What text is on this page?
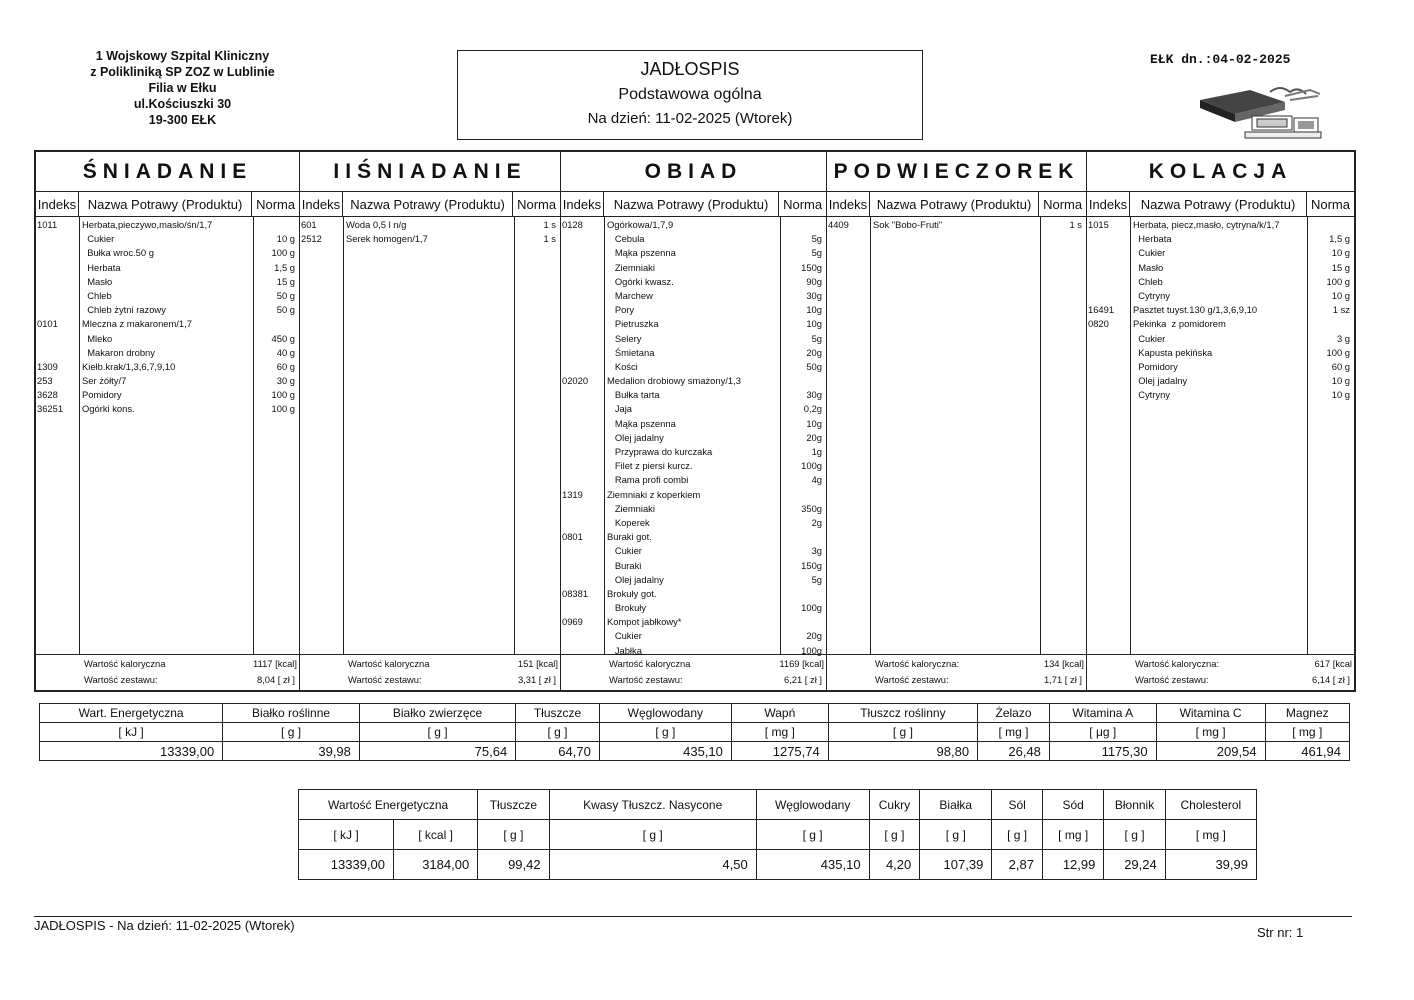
1 Wojskowy Szpital Kliniczny
z Polikliniką SP ZOZ w Lublinie
Filia w Ełku
ul.Kościuszki 30
19-300 EŁK
JADŁOSPIS
Podstawowa ogólna
Na dzień: 11-02-2025 (Wtorek)
EŁK dn.:04-02-2025
ŚNIADANIE
Indeks Nazwa Potrawy (Produktu)	Norma
1011	Herbata,pieczywo,masło/śn/1,7
Cukier	10 g
Bułka wroc.50 g	100 g
Herbata	1,5 g
Masło	15 g
Chleb	50 g
Chleb żytni razowy	50 g
0101	Mleczna z makaronem/1,7
Mleko	450 g
Makaron drobny	40 g
1309	Kiełb.krak/1,3,6,7,9,10	60 g
253	Ser żółty/7	30 g
3628	Pomidory	100 g
36251 Ogórki kons.	100 g
Wartość kaloryczna	1117 [kcal]
Wartość zestawu:	8,04 [ zł ]
IIŚNIADANIE
Indeks Nazwa Potrawy (Produktu) Norma
601	Woda 0,5 l n/g	1 s
2512	Serek homogen/1,7	1 s
Wartość kaloryczna	151 [kcal]
Wartość zestawu:	3,31 [ zł ]
OBIAD
Indeks Nazwa Potrawy (Produktu)	Norma
0128	Ogórkowa/1,7,9
Cebula	5g
Mąka pszenna	5g
Ziemniaki	150g
Ogórki kwasz.	90g
Marchew	30g
Pory	10g
Pietruszka	10g
Selery	5g
Śmietana	20g
Kości	50g
02020 Medalion drobiowy smażony/1,3
Bułka tarta	30g
Jaja	0,2g
Mąka pszenna	10g
Olej jadalny	20g
Przyprawa do kurczaka	1g
Filet z piersi kurcz.	100g
Rama profi combi	4g
1319	Ziemniaki z koperkiem
Ziemniaki	350g
Koperek	2g
0801	Buraki got.
Cukier	3g
Buraki	150g
Olej jadalny	5g
08381 Brokuły got.
Brokuły	100g
0969	Kompot jabłkowy*
Cukier	20g
Jabłka	100g
Wartość kaloryczna	1169 [kcal]
Wartość zestawu:	6,21 [ zł ]
PODWIECZOREK
Indeks Nazwa Potrawy (Produktu) Norma
4409	Sok "Bobo-Fruti"	1 s
Wartość kaloryczna:	134 [kcal]
Wartość zestawu:	1,71 [ zł ]
KOLACJA
Indeks	Nazwa Potrawy (Produktu)	Norma
1015	Herbata, piecz,masło, cytryna/k/1,7
Herbata	1,5 g
Cukier	10 g
Masło	15 g
Chleb	100 g
Cytryny	10 g
16491 Pasztet tuyst.130 g/1,3,6,9,10	1 sz
0820	Pekinka  z pomidorem
Cukier	3 g
Kapusta pekińska	100 g
Pomidory	60 g
Olej jadalny	10 g
Cytryny	10 g
Wartość kaloryczna:	617 [kcal
Wartość zestawu:	6,14 [ zł ]
Wart. Energetyczna	Białko roślinne	Białko zwierzęce	Tłuszcze	Węglowodany	Wapń	Tłuszcz roślinny	Żelazo	Witamina A	Witamina C	Magnez
[ kJ ]	[ g ]	[ g ]	[ g ]	[ g ]	[ mg ]	[ g ]	[ mg ]	[ μg ]	[ mg ]	[ mg ]
13339,00	39,98	75,64	64,70	435,10	1275,74	98,80	26,48	1175,30	209,54	461,94
Wartość Energetyczna		Tłuszcze	Kwasy Tłuszcz. Nasycone	Węglowodany	Cukry	Białka	Sól	Sód	Błonnik	Cholesterol
[ kJ ]	[ kcal ]	[ g ]	[ g ]	[ g ]	[ g ]	[ g ]	[ g ]	[ mg ]	[ g ]	[ mg ]
13339,00	3184,00	99,42	4,50	435,10	4,20	107,39	2,87	12,99	29,24	39,99
JADŁOSPIS - Na dzień: 11-02-2025 (Wtorek)	Str nr: 1
